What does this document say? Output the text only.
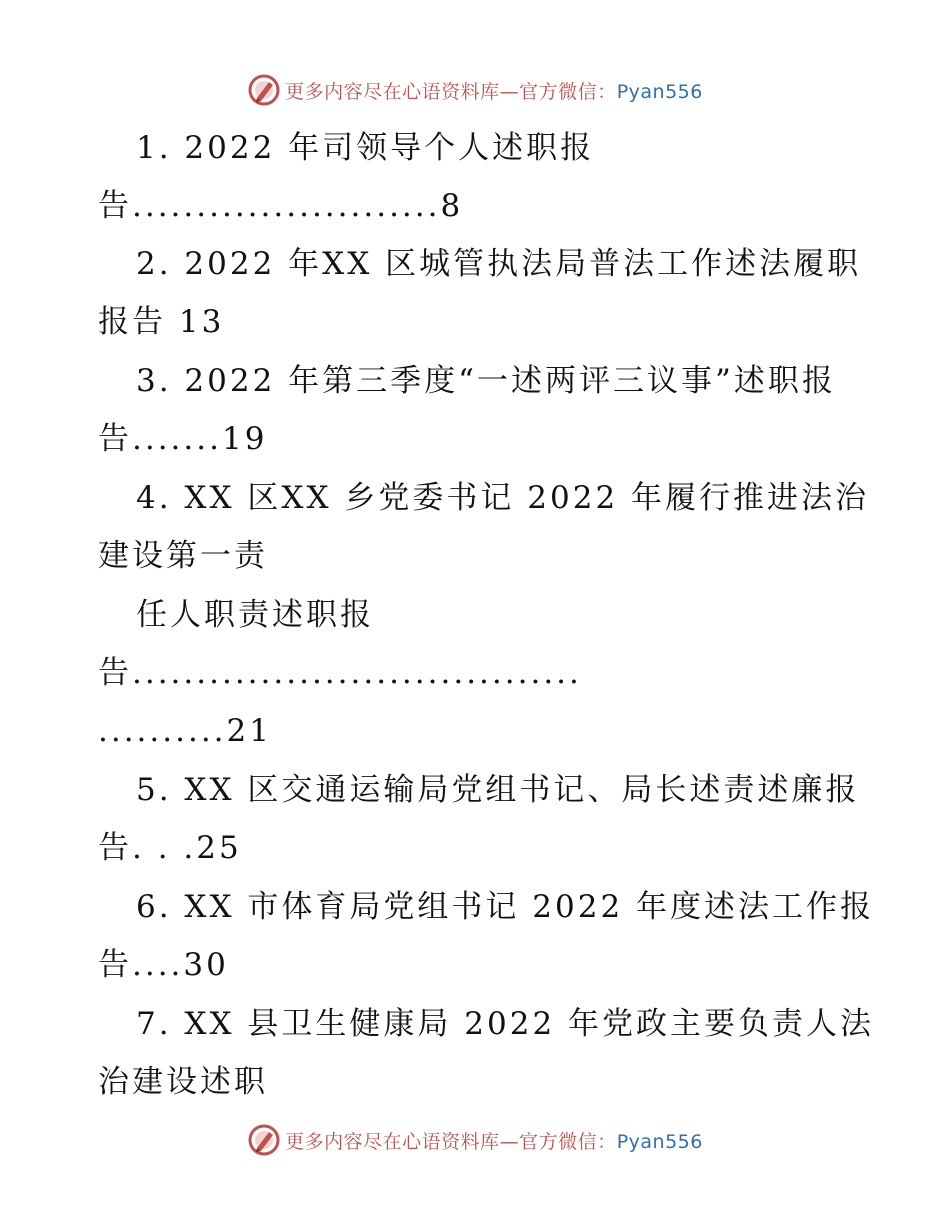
更多内容尽在心语资料库—官方微信：Pyan556
1. 2022 年司领导个人述职报
告........................8
2. 2022 年XX 区城管执法局普法工作述法履职
报告 13
3. 2022 年第三季度“一述两评三议事”述职报
告.......19
4. XX 区XX 乡党委书记 2022 年履行推进法治
建设第一责
任人职责述职报
告...................................
..........21
5. XX 区交通运输局党组书记、局长述责述廉报
告. . .25
6. XX 市体育局党组书记 2022 年度述法工作报
告....30
7. XX 县卫生健康局 2022 年党政主要负责人法
治建设述职
更多内容尽在心语资料库—官方微信：Pyan556
